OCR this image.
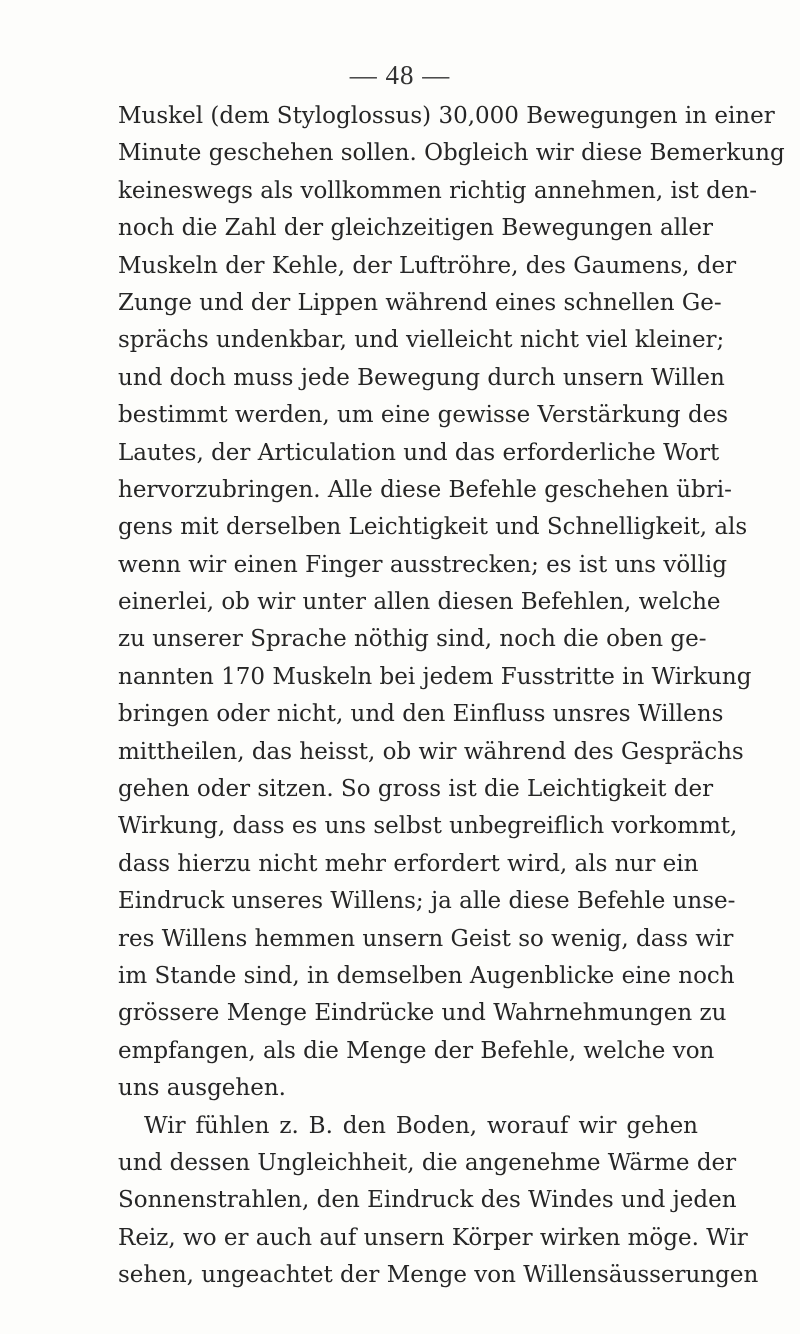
— 48 —
Muskel (dem Styloglossus) 30,000 Bewegungen in einer
Minute geschehen sollen. Obgleich wir diese Bemerkung
keineswegs als vollkommen richtig annehmen, ist den-
noch die Zahl der gleichzeitigen Bewegungen aller
Muskeln der Kehle, der Luftröhre, des Gaumens, der
Zunge und der Lippen während eines schnellen Ge-
sprächs undenkbar, und vielleicht nicht viel kleiner;
und doch muss jede Bewegung durch unsern Willen
bestimmt werden, um eine gewisse Verstärkung des
Lautes, der Articulation und das erforderliche Wort
hervorzubringen. Alle diese Befehle geschehen übri-
gens mit derselben Leichtigkeit und Schnelligkeit, als
wenn wir einen Finger ausstrecken; es ist uns völlig
einerlei, ob wir unter allen diesen Befehlen, welche
zu unserer Sprache nöthig sind, noch die oben ge-
nannten 170 Muskeln bei jedem Fusstritte in Wirkung
bringen oder nicht, und den Einfluss unsres Willens
mittheilen, das heisst, ob wir während des Gesprächs
gehen oder sitzen. So gross ist die Leichtigkeit der
Wirkung, dass es uns selbst unbegreiflich vorkommt,
dass hierzu nicht mehr erfordert wird, als nur ein
Eindruck unseres Willens; ja alle diese Befehle unse-
res Willens hemmen unsern Geist so wenig, dass wir
im Stande sind, in demselben Augenblicke eine noch
grössere Menge Eindrücke und Wahrnehmungen zu
empfangen, als die Menge der Befehle, welche von
uns ausgehen.
Wir fühlen z. B. den Boden, worauf wir gehen
und dessen Ungleichheit, die angenehme Wärme der
Sonnenstrahlen, den Eindruck des Windes und jeden
Reiz, wo er auch auf unsern Körper wirken möge. Wir
sehen, ungeachtet der Menge von Willensäusserungen
